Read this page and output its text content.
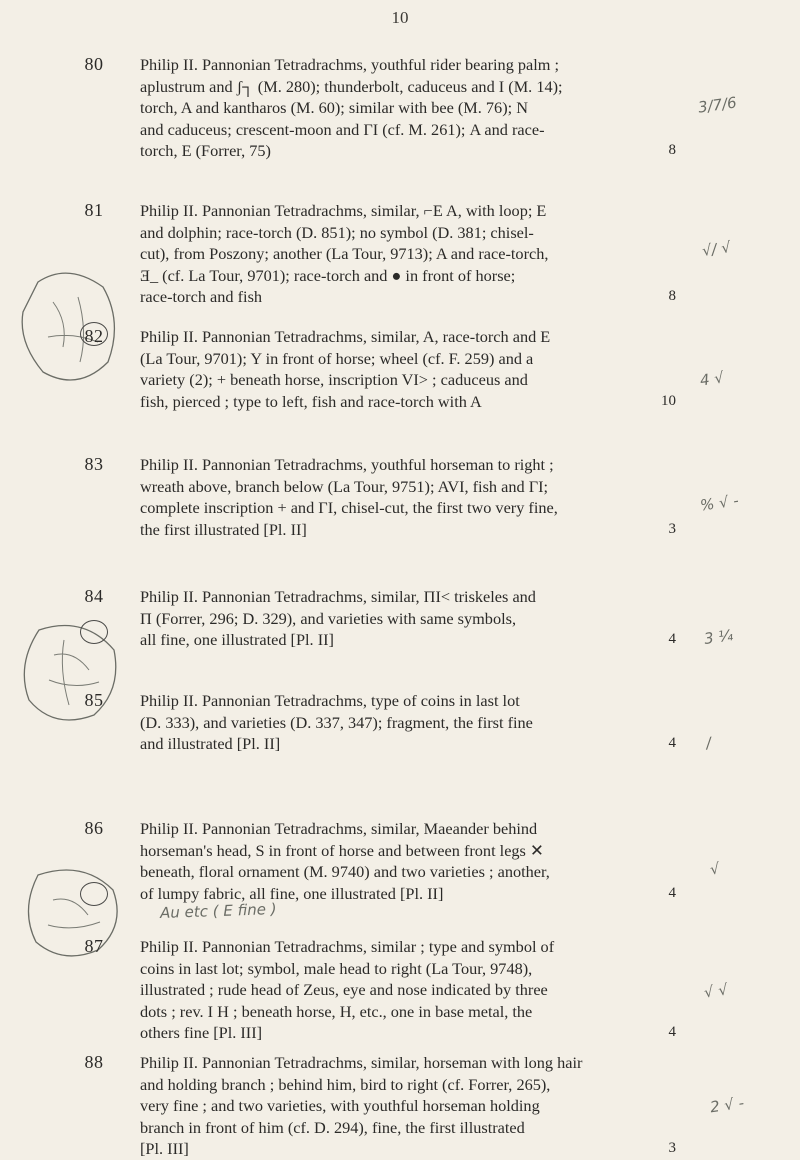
10
80	Philip II. Pannonian Tetradrachms, youthful rider bearing palm ;
aplustrum and ʃ┐ (M. 280); thunderbolt, caduceus and I (M. 14);
torch, A and kantharos (M. 60); similar with bee (M. 76); N
and caduceus; crescent-moon and ΓΙ (cf. M. 261); A and race-
torch, E (Forrer, 75)	8
3/7/6
81	Philip II. Pannonian Tetradrachms, similar, ⌐E A, with loop; E
and dolphin; race-torch (D. 851); no symbol (D. 381; chisel-
cut), from Poszony; another (La Tour, 9713); A and race-torch,
Ǝ_ (cf. La Tour, 9701); race-torch and ● in front of horse;
race-torch and fish	8
√/ √
82	Philip II. Pannonian Tetradrachms, similar, A, race-torch and E
(La Tour, 9701); Y in front of horse; wheel (cf. F. 259) and a
variety (2); + beneath horse, inscription VI> ; caduceus and
fish, pierced ; type to left, fish and race-torch with A	10
4 √
83	Philip II. Pannonian Tetradrachms, youthful horseman to right ;
wreath above, branch below (La Tour, 9751); AVI, fish and ΓΙ;
complete inscription + and ΓΙ, chisel-cut, the first two very fine,
the first illustrated [Pl. II]	3
% √ -
84	Philip II. Pannonian Tetradrachms, similar, ΠΙ< triskeles and
Π (Forrer, 296; D. 329), and varieties with same symbols,
all fine, one illustrated [Pl. II]	4 3 ¼
85	Philip II. Pannonian Tetradrachms, type of coins in last lot
(D. 333), and varieties (D. 337, 347); fragment, the first fine
and illustrated [Pl. II]	4 /
86	Philip II. Pannonian Tetradrachms, similar, Maeander behind
horseman's head, S in front of horse and between front legs ✕
beneath, floral ornament (M. 9740) and two varieties ; another,
of lumpy fabric, all fine, one illustrated [Pl. II]	4
√
Au etc ( E fine )
87	Philip II. Pannonian Tetradrachms, similar ; type and symbol of
coins in last lot; symbol, male head to right (La Tour, 9748),
illustrated ; rude head of Zeus, eye and nose indicated by three
dots ; rev. I H ; beneath horse, H, etc., one in base metal, the
others fine [Pl. III]	4
√ √
88	Philip II. Pannonian Tetradrachms, similar, horseman with long hair
and holding branch ; behind him, bird to right (cf. Forrer, 265),
very fine ; and two varieties, with youthful horseman holding
branch in front of him (cf. D. 294), fine, the first illustrated
[Pl. III]	3
2 √ -
